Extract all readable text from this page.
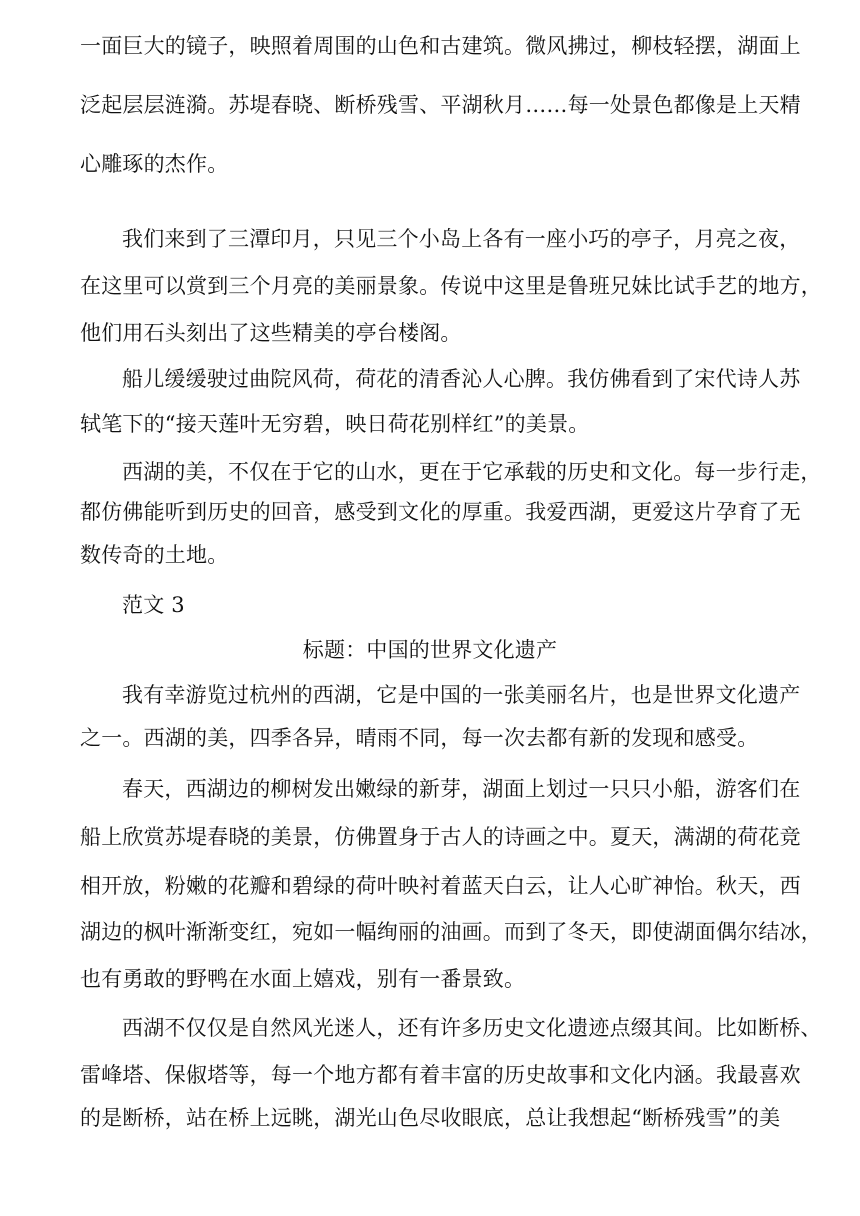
一面巨大的镜子，映照着周围的山色和古建筑。微风拂过，柳枝轻摆，湖面上
泛起层层涟漪。苏堤春晓、断桥残雪、平湖秋月……每一处景色都像是上天精
心雕琢的杰作。
我们来到了三潭印月，只见三个小岛上各有一座小巧的亭子，月亮之夜，
在这里可以赏到三个月亮的美丽景象。传说中这里是鲁班兄妹比试手艺的地方，
他们用石头刻出了这些精美的亭台楼阁。
船儿缓缓驶过曲院风荷，荷花的清香沁人心脾。我仿佛看到了宋代诗人苏
轼笔下的“接天莲叶无穷碧，映日荷花别样红”的美景。
西湖的美，不仅在于它的山水，更在于它承载的历史和文化。每一步行走，
都仿佛能听到历史的回音，感受到文化的厚重。我爱西湖，更爱这片孕育了无
数传奇的土地。
范文 3
标题：中国的世界文化遗产
我有幸游览过杭州的西湖，它是中国的一张美丽名片，也是世界文化遗产
之一。西湖的美，四季各异，晴雨不同，每一次去都有新的发现和感受。
春天，西湖边的柳树发出嫩绿的新芽，湖面上划过一只只小船，游客们在
船上欣赏苏堤春晓的美景，仿佛置身于古人的诗画之中。夏天，满湖的荷花竞
相开放，粉嫩的花瓣和碧绿的荷叶映衬着蓝天白云，让人心旷神怡。秋天，西
湖边的枫叶渐渐变红，宛如一幅绚丽的油画。而到了冬天，即使湖面偶尔结冰，
也有勇敢的野鸭在水面上嬉戏，别有一番景致。
西湖不仅仅是自然风光迷人，还有许多历史文化遗迹点缀其间。比如断桥、
雷峰塔、保俶塔等，每一个地方都有着丰富的历史故事和文化内涵。我最喜欢
的是断桥，站在桥上远眺，湖光山色尽收眼底，总让我想起“断桥残雪”的美
